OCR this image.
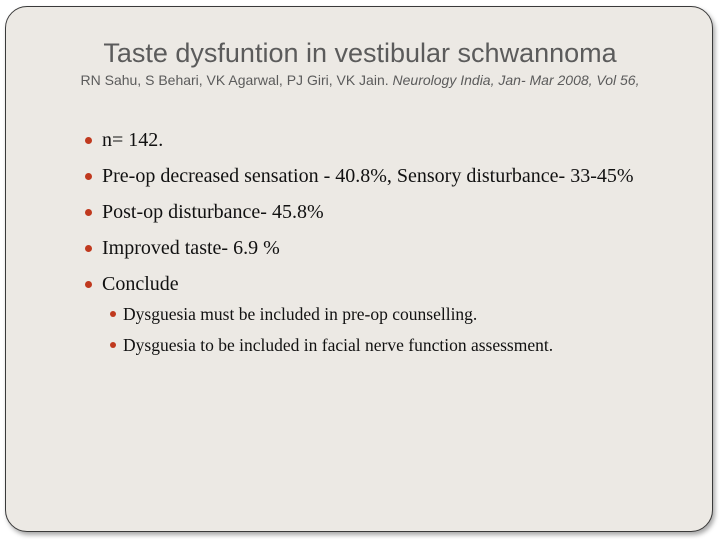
Taste dysfuntion in vestibular schwannoma
RN Sahu, S Behari, VK Agarwal, PJ Giri, VK Jain. Neurology India, Jan- Mar 2008, Vol 56,
n= 142.
Pre-op decreased sensation - 40.8%, Sensory disturbance- 33-45%
Post-op disturbance- 45.8%
Improved taste- 6.9 %
Conclude
Dysguesia must be included in pre-op counselling.
Dysguesia to be included in facial nerve function assessment.
